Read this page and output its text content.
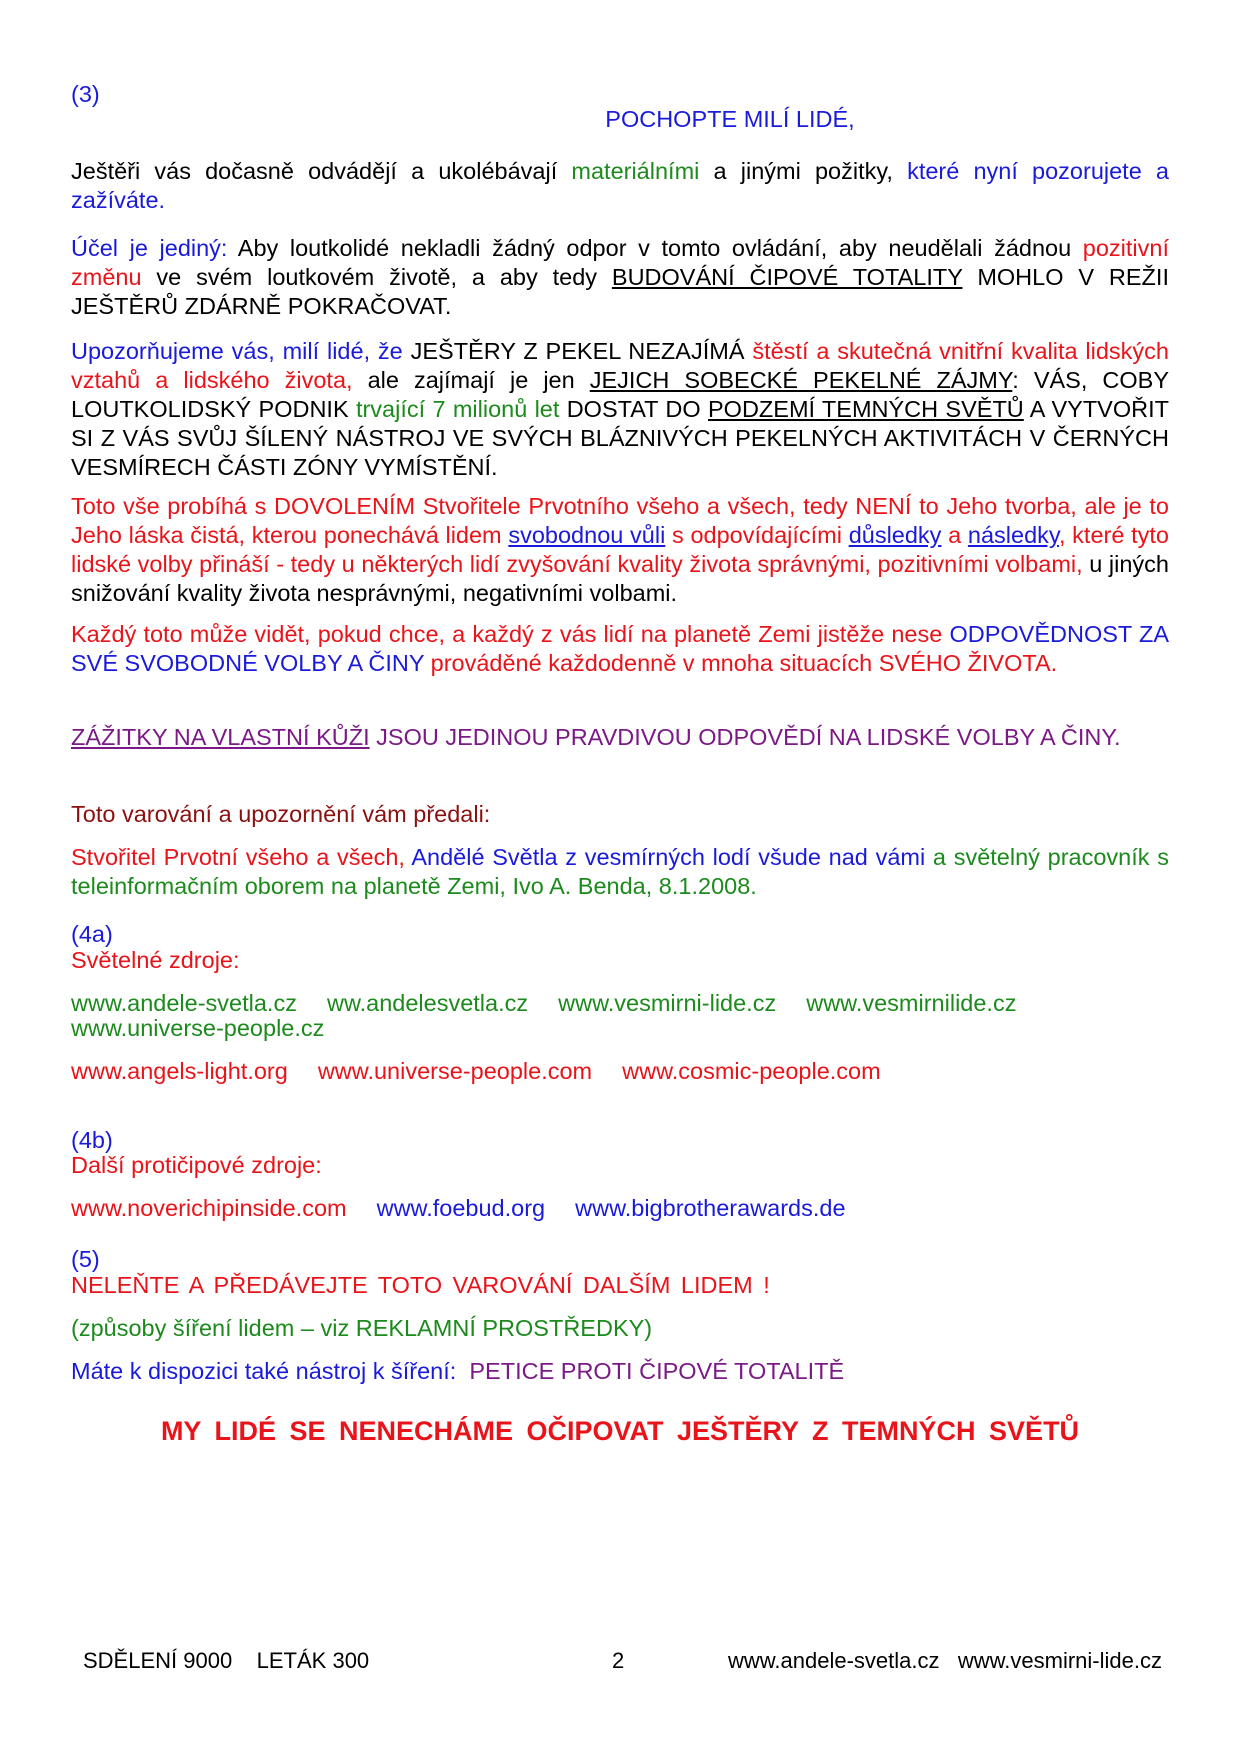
(3)

POCHOPTE MILÍ LIDÉ,

Ještěři vás dočasně odvádějí a ukolébávají materiálními a jinými požitky, které nyní pozorujete a zažíváte.

Účel je jediný: Aby loutkolidé nekladli žádný odpor v tomto ovládání, aby neudělali žádnou pozitivní změnu ve svém loutkovém životě, a aby tedy BUDOVÁNÍ ČIPOVÉ TOTALITY MOHLO V REŽII JEŠTĚRŮ ZDÁRNĚ POKRAČOVAT.

Upozorňujeme vás, milí lidé, že JEŠTĚRY Z PEKEL NEZAJÍMÁ štěstí a skutečná vnitřní kvalita lidských vztahů a lidského života, ale zajímají je jen JEJICH SOBECKÉ PEKELNÉ ZÁJMY: VÁS, COBY LOUTKOLIDSKÝ PODNIK trvající 7 milionů let DOSTAT DO PODZEMÍ TEMNÝCH SVĚTŮ A VYTVOŘIT SI Z VÁS SVŮJ ŠÍLENÝ NÁSTROJ VE SVÝCH BLÁZNIVÝCH PEKELNÝCH AKTIVITÁCH V ČERNÝCH VESMÍRECH ČÁSTI ZÓNY VYMÍSTĚNÍ.

Toto vše probíhá s DOVOLENÍM Stvořitele Prvotního všeho a všech, tedy NENÍ to Jeho tvorba, ale je to Jeho láska čistá, kterou ponechává lidem svobodnou vůli s odpovídajícími důsledky a následky, které tyto lidské volby přináší - tedy u některých lidí zvyšování kvality života správnými, pozitivními volbami, u jiných snižování kvality života nesprávnými, negativními volbami.

Každý toto může vidět, pokud chce, a každý z vás lidí na planetě Zemi jistěže nese ODPOVĚDNOST ZA SVÉ SVOBODNÉ VOLBY A ČINY prováděné každodenně v mnoha situacích SVÉHO ŽIVOTA.

ZÁŽITKY NA VLASTNÍ KŮŽI JSOU JEDINOU PRAVDIVOU ODPOVĚDÍ NA LIDSKÉ VOLBY A ČINY.

Toto varování a upozornění vám předali:

Stvořitel Prvotní všeho a všech, Andělé Světla z vesmírných lodí všude nad vámi a světelný pracovník s teleinformačním oborem na planetě Zemi, Ivo A. Benda, 8.1.2008.

(4a)

Světelné zdroje:

www.andele-svetla.cz ww.andelesvetla.cz www.vesmirni-lide.cz www.vesmirnilide.cz

www.universe-people.cz

www.angels-light.org www.universe-people.com www.cosmic-people.com

(4b)

Další protičipové zdroje:

www.noverichipinside.com www.foebud.org www.bigbrotherawards.de

(5)

NELEŇTE A PŘEDÁVEJTE TOTO VAROVÁNÍ DALŠÍM LIDEM !

(způsoby šíření lidem – viz REKLAMNÍ PROSTŘEDKY)

Máte k dispozici také nástroj k šíření: PETICE PROTI ČIPOVÉ TOTALITĚ

MY LIDÉ SE NENECHÁME OČIPOVAT JEŠTĚRY Z TEMNÝCH SVĚTŮ

SDĚLENÍ 9000    LETÁK 300	2	www.andele-svetla.cz   www.vesmirni-lide.cz
